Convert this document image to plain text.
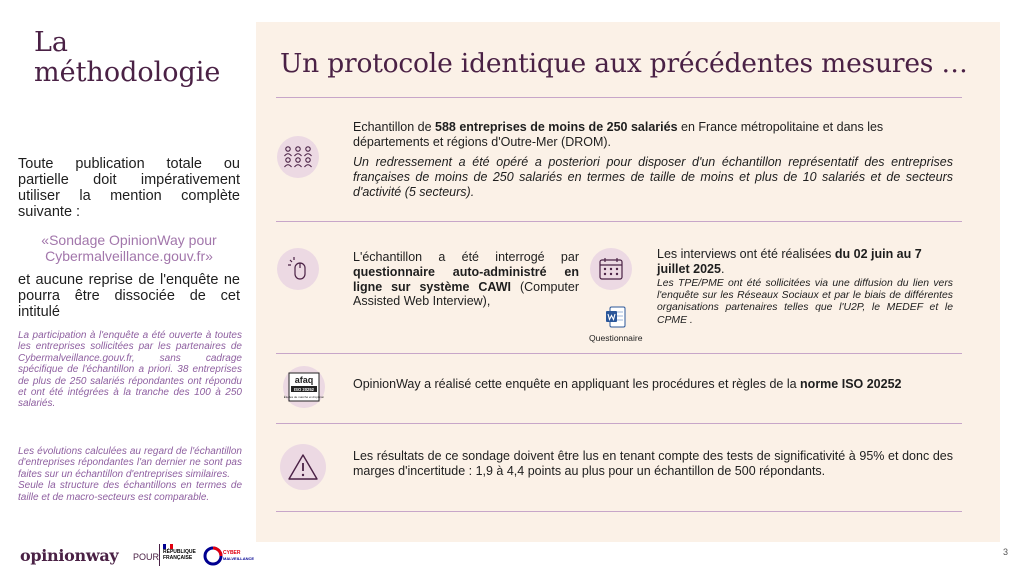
La
méthodologie
Toute publication totale ou partielle doit impérativement utiliser la mention complète suivante :
«Sondage OpinionWay pour
Cybermalveillance.gouv.fr»
et aucune reprise de l'enquête ne pourra être dissociée de cet intitulé
La participation à l'enquête a été ouverte à toutes les entreprises sollicitées par les partenaires de Cybermalveillance.gouv.fr, sans cadrage spécifique de l'échantillon a priori. 38 entreprises de plus de 250 salariés répondantes ont répondu et ont été intégrées à la tranche des 100 à 250 salariés.
Les évolutions calculées au regard de l'échantillon d'entreprises répondantes l'an dernier ne sont pas faites sur un échantillon d'entreprises similaires.
Seule la structure des échantillons en termes de taille et de macro-secteurs est comparable.
opinionway POUR RÉPUBLIQUE
FRANÇAISE
CYBER
MALVEILLANCE
3
Un protocole identique aux précédentes mesures …
Echantillon de 588 entreprises de moins de 250 salariés en France métropolitaine et dans les départements et régions d'Outre-Mer (DROM).
Un redressement a été opéré a posteriori pour disposer d'un échantillon représentatif des entreprises françaises de moins de 250 salariés en termes de taille de moins et plus de 10 salariés et de secteurs d'activité (5 secteurs).
L'échantillon a été interrogé par questionnaire auto-administré en ligne sur système CAWI (Computer Assisted Web Interview),
Les interviews ont été réalisées du 02 juin au 7 juillet 2025.
Les TPE/PME ont été sollicitées via une diffusion du lien vers l'enquête sur les Réseaux Sociaux et par le biais de différentes organisations partenaires telles que l'U2P, le MEDEF et le CPME .
Questionnaire
afaq
ISO 20252
Études de marché et d'opinion
OpinionWay a réalisé cette enquête en appliquant les procédures et règles de la norme ISO 20252
Les résultats de ce sondage doivent être lus en tenant compte des tests de significativité à 95% et donc des marges d'incertitude : 1,9 à 4,4 points au plus pour un échantillon de 500 répondants.
